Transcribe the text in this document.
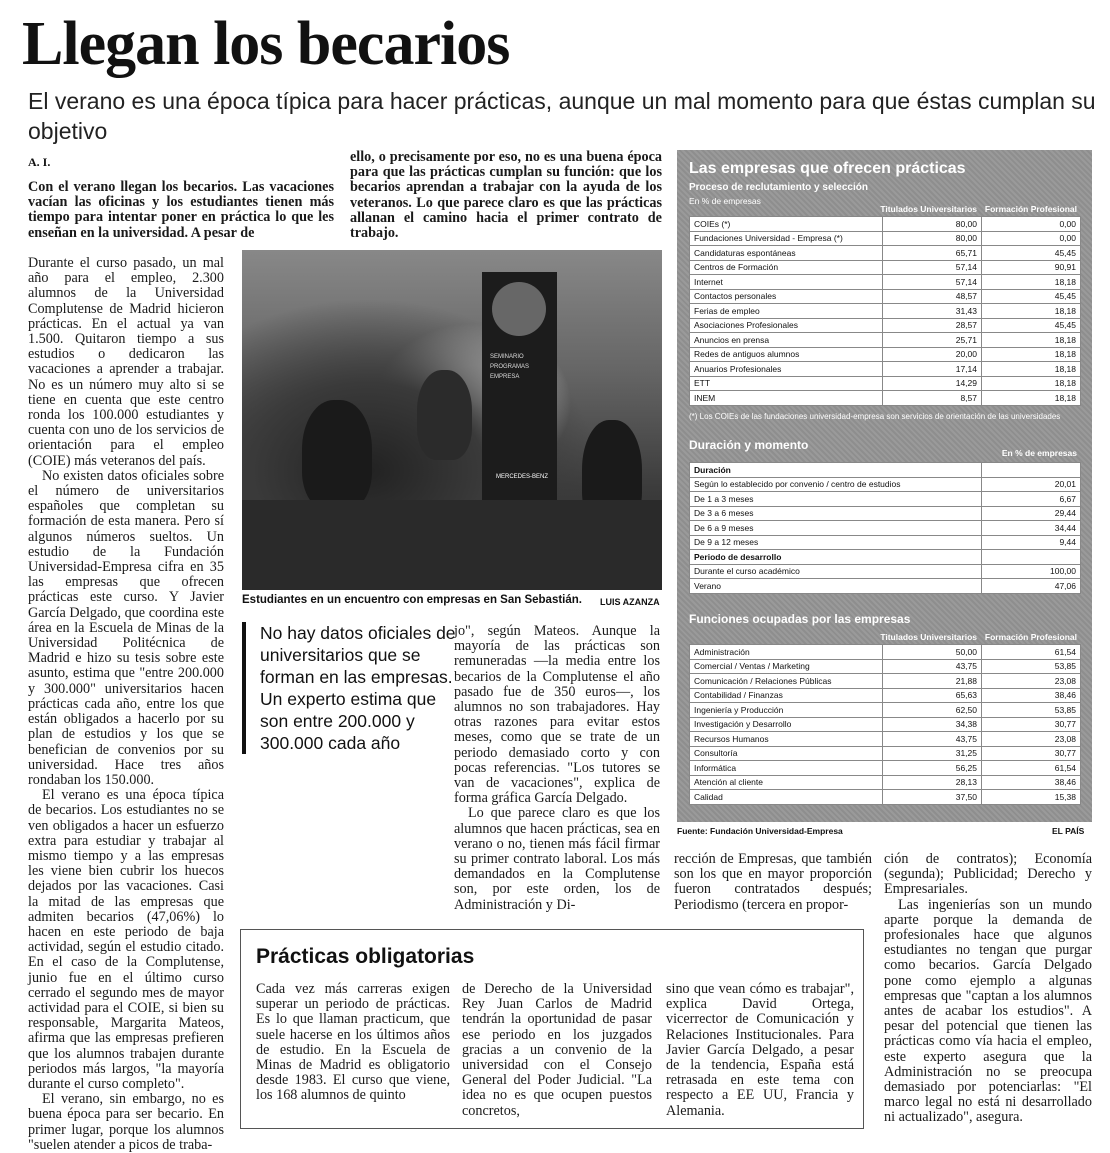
Llegan los becarios
El verano es una época típica para hacer prácticas, aunque un mal momento para que éstas cumplan su objetivo
A. I.
Con el verano llegan los becarios. Las vacaciones vacían las oficinas y los estudiantes tienen más tiempo para intentar poner en práctica lo que les enseñan en la universidad. A pesar de
ello, o precisamente por eso, no es una buena época para que las prácticas cumplan su función: que los becarios aprendan a trabajar con la ayuda de los veteranos. Lo que parece claro es que las prácticas allanan el camino hacia el primer contrato de trabajo.

Durante el curso pasado, un mal año para el empleo, 2.300 alumnos de la Universidad Complutense de Madrid hicieron prácticas. En el actual ya van 1.500. Quitaron tiempo a sus estudios o dedicaron las vacaciones a aprender a trabajar. No es un número muy alto si se tiene en cuenta que este centro ronda los 100.000 estudiantes y cuenta con uno de los servicios de orientación para el empleo (COIE) más veteranos del país.

No existen datos oficiales sobre el número de universitarios españoles que completan su formación de esta manera. Pero sí algunos números sueltos. Un estudio de la Fundación Universidad-Empresa cifra en 35 las empresas que ofrecen prácticas este curso. Y Javier García Delgado, que coordina este área en la Escuela de Minas de la Universidad Politécnica de Madrid e hizo su tesis sobre este asunto, estima que "entre 200.000 y 300.000" universitarios hacen prácticas cada año, entre los que están obligados a hacerlo por su plan de estudios y los que se benefician de convenios por su universidad. Hace tres años rondaban los 150.000.

El verano es una época típica de becarios. Los estudiantes no se ven obligados a hacer un esfuerzo extra para estudiar y trabajar al mismo tiempo y a las empresas les viene bien cubrir los huecos dejados por las vacaciones. Casi la mitad de las empresas que admiten becarios (47,06%) lo hacen en este periodo de baja actividad, según el estudio citado. En el caso de la Complutense, junio fue en el último curso cerrado el segundo mes de mayor actividad para el COIE, si bien su responsable, Margarita Mateos, afirma que las empresas prefieren que los alumnos trabajen durante periodos más largos, "la mayoría durante el curso completo".

El verano, sin embargo, no es buena época para ser becario. En primer lugar, porque los alumnos "suelen atender a picos de traba-

SEMINARIO PROGRAMAS EMPRESA
MERCEDES-BENZ
Estudiantes en un encuentro con empresas en San Sebastián.	LUIS AZANZA
No hay datos oficiales de universitarios que se forman en las empresas. Un experto estima que son entre 200.000 y 300.000 cada año

jo", según Mateos. Aunque la mayoría de las prácticas son remuneradas —la media entre los becarios de la Complutense el año pasado fue de 350 euros—, los alumnos no son trabajadores. Hay otras razones para evitar estos meses, como que se trate de un periodo demasiado corto y con pocas referencias. "Los tutores se van de vacaciones", explica de forma gráfica García Delgado.

Lo que parece claro es que los alumnos que hacen prácticas, sea en verano o no, tienen más fácil firmar su primer contrato laboral. Los más demandados en la Complutense son, por este orden, los de Administración y Di-

rección de Empresas, que también son los que en mayor proporción fueron contratados después; Periodismo (tercera en propor-

ción de contratos); Economía (segunda); Publicidad; Derecho y Empresariales.

Las ingenierías son un mundo aparte porque la demanda de profesionales hace que algunos estudiantes no tengan que purgar como becarios. García Delgado pone como ejemplo a algunas empresas que "captan a los alumnos antes de acabar los estudios". A pesar del potencial que tienen las prácticas como vía hacia el empleo, este experto asegura que la Administración no se preocupa demasiado por potenciarlas: "El marco legal no está ni desarrollado ni actualizado", asegura.

Las empresas que ofrecen prácticas
Proceso de reclutamiento y selección
En % de empresas
Titulados Universitarios Formación Profesional
COIEs (*)	80,00	0,00
Fundaciones Universidad - Empresa (*)	80,00	0,00
Candidaturas espontáneas	65,71	45,45
Centros de Formación	57,14	90,91
Internet	57,14	18,18
Contactos personales	48,57	45,45
Ferias de empleo	31,43	18,18
Asociaciones Profesionales	28,57	45,45
Anuncios en prensa	25,71	18,18
Redes de antiguos alumnos	20,00	18,18
Anuarios Profesionales	17,14	18,18
ETT	14,29	18,18
INEM	8,57	18,18
(*) Los COIEs de las fundaciones universidad-empresa son servicios de orientación de las universidades
Duración y momento
En % de empresas
Duración	
Según lo establecido por convenio / centro de estudios	20,01
De 1 a 3 meses	6,67
De 3 a 6 meses	29,44
De 6 a 9 meses	34,44
De 9 a 12 meses	9,44
Periodo de desarrollo	
Durante el curso académico	100,00
Verano	47,06
Funciones ocupadas por las empresas
Titulados Universitarios Formación Profesional
Administración	50,00	61,54
Comercial / Ventas / Marketing	43,75	53,85
Comunicación / Relaciones Públicas	21,88	23,08
Contabilidad / Finanzas	65,63	38,46
Ingeniería y Producción	62,50	53,85
Investigación y Desarrollo	34,38	30,77
Recursos Humanos	43,75	23,08
Consultoría	31,25	30,77
Informática	56,25	61,54
Atención al cliente	28,13	38,46
Calidad	37,50	15,38
Fuente: Fundación Universidad-Empresa	EL PAÍS
Prácticas obligatorias

Cada vez más carreras exigen superar un periodo de prácticas. Es lo que llaman practicum, que suele hacerse en los últimos años de estudio. En la Escuela de Minas de Madrid es obligatorio desde 1983. El curso que viene, los 168 alumnos de quinto

de Derecho de la Universidad Rey Juan Carlos de Madrid tendrán la oportunidad de pasar ese periodo en los juzgados gracias a un convenio de la universidad con el Consejo General del Poder Judicial. "La idea no es que ocupen puestos concretos,

sino que vean cómo es trabajar", explica David Ortega, vicerrector de Comunicación y Relaciones Institucionales. Para Javier García Delgado, a pesar de la tendencia, España está retrasada en este tema con respecto a EE UU, Francia y Alemania.
